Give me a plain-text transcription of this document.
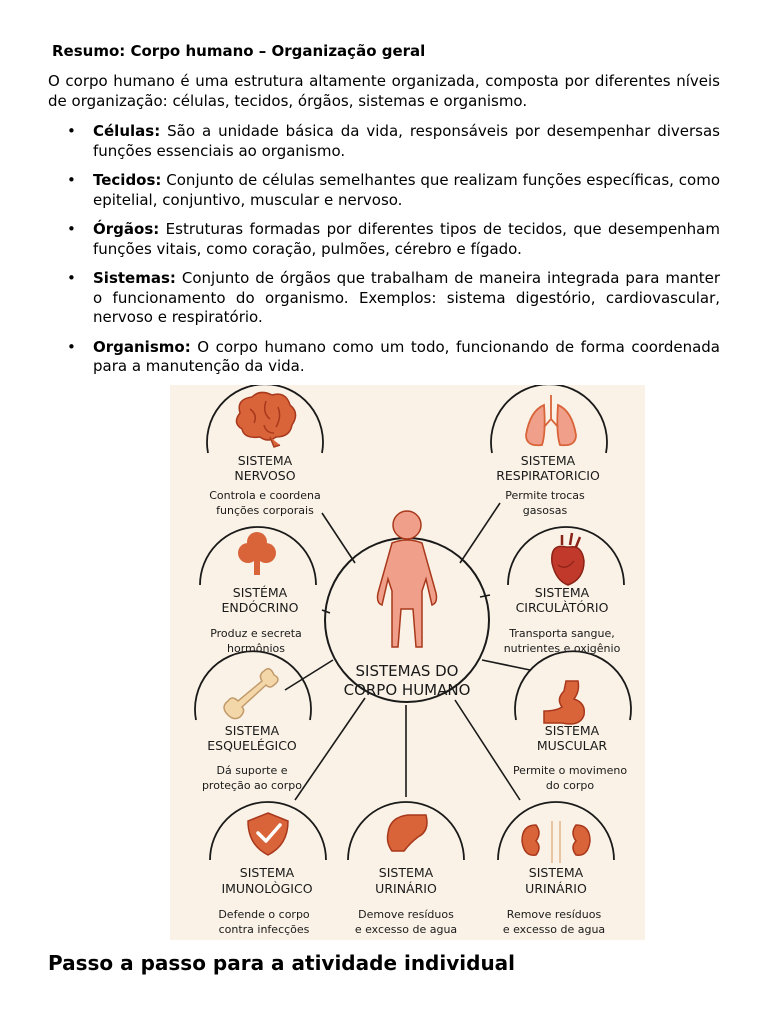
Resumo: Corpo humano – Organização geral

O corpo humano é uma estrutura altamente organizada, composta por diferentes níveis de organização: células, tecidos, órgãos, sistemas e organismo.

• Células: São a unidade básica da vida, responsáveis por desempenhar diversas funções essenciais ao organismo.
• Tecidos: Conjunto de células semelhantes que realizam funções específicas, como epitelial, conjuntivo, muscular e nervoso.
• Órgãos: Estruturas formadas por diferentes tipos de tecidos, que desempenham funções vitais, como coração, pulmões, cérebro e fígado.
• Sistemas: Conjunto de órgãos que trabalham de maneira integrada para manter o funcionamento do organismo. Exemplos: sistema digestório, cardiovascular, nervoso e respiratório.
• Organismo: O corpo humano como um todo, funcionando de forma coordenada para a manutenção da vida.
SISTEMAS DO
CORPO HUMANO
SISTEMA
NERVOSO
SISTEMA
RESPIRATORICIO
SISTÉMA
ENDÓCRINO
SISTEMA
CIRCULÀTÓRIO
SISTEMA
ESQUELÉGICO
SISTEMA
MUSCULAR
SISTEMA
IMUNOLÒGICO
SISTEMA
URINÁRIO
SISTEMA
URINÁRIO
Controla e coordena
funções corporais
Permite trocas
gasosas
Produz e secreta
hormônios
Transporta sangue,
nutrientes e oxigênio
Dá suporte e
proteção ao corpo
Permite o movimeno
do corpo
Defende o corpo
contra infecções
Demove resíduos
e excesso de agua
Remove resíduos
e excesso de agua
Passo a passo para a atividade individual
